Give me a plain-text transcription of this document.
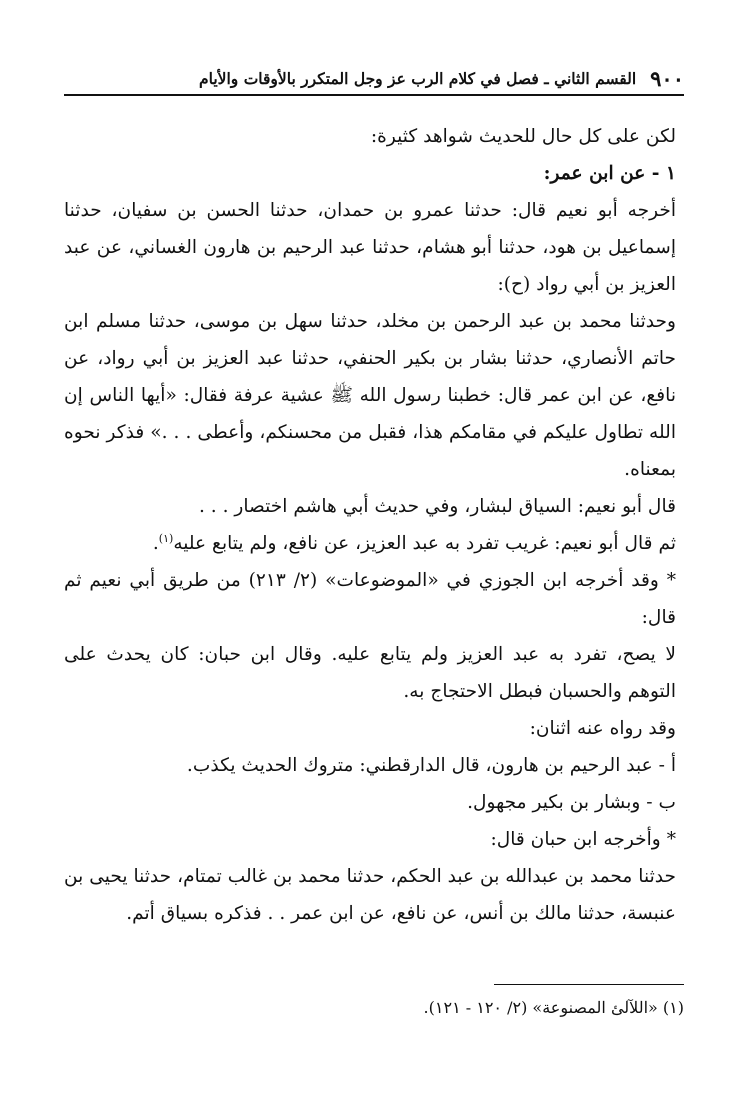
٩٠٠
القسم الثاني ـ فصل في كلام الرب عز وجل المتكرر بالأوقات والأيام

لكن على كل حال للحديث شواهد كثيرة:

١ - عن ابن عمر:

أخرجه أبو نعيم قال: حدثنا عمرو بن حمدان، حدثنا الحسن بن سفيان، حدثنا إسماعيل بن هود، حدثنا أبو هشام، حدثنا عبد الرحيم بن هارون الغساني، عن عبد العزيز بن أبي رواد (ح):

وحدثنا محمد بن عبد الرحمن بن مخلد، حدثنا سهل بن موسى، حدثنا مسلم ابن حاتم الأنصاري، حدثنا بشار بن بكير الحنفي، حدثنا عبد العزيز بن أبي رواد، عن نافع، عن ابن عمر قال: خطبنا رسول الله ﷺ عشية عرفة فقال: «أيها الناس إن الله تطاول عليكم في مقامكم هذا، فقبل من محسنكم، وأعطى . . .» فذكر نحوه بمعناه.

قال أبو نعيم: السياق لبشار، وفي حديث أبي هاشم اختصار . . .

ثم قال أبو نعيم: غريب تفرد به عبد العزيز، عن نافع، ولم يتابع عليه$^{(١)}$.

* وقد أخرجه ابن الجوزي في «الموضوعات» (٢/ ٢١٣) من طريق أبي نعيم ثم قال:

لا يصح، تفرد به عبد العزيز ولم يتابع عليه. وقال ابن حبان: كان يحدث على التوهم والحسبان فبطل الاحتجاج به.

وقد رواه عنه اثنان:

أ - عبد الرحيم بن هارون، قال الدارقطني: متروك الحديث يكذب.

ب - وبشار بن بكير مجهول.

* وأخرجه ابن حبان قال:

حدثنا محمد بن عبدالله بن عبد الحكم، حدثنا محمد بن غالب تمتام، حدثنا يحيى بن عنبسة، حدثنا مالك بن أنس، عن نافع، عن ابن عمر . . فذكره بسياق أتم.

(١) «اللآلئ المصنوعة» (٢/ ١٢٠ - ١٢١).
